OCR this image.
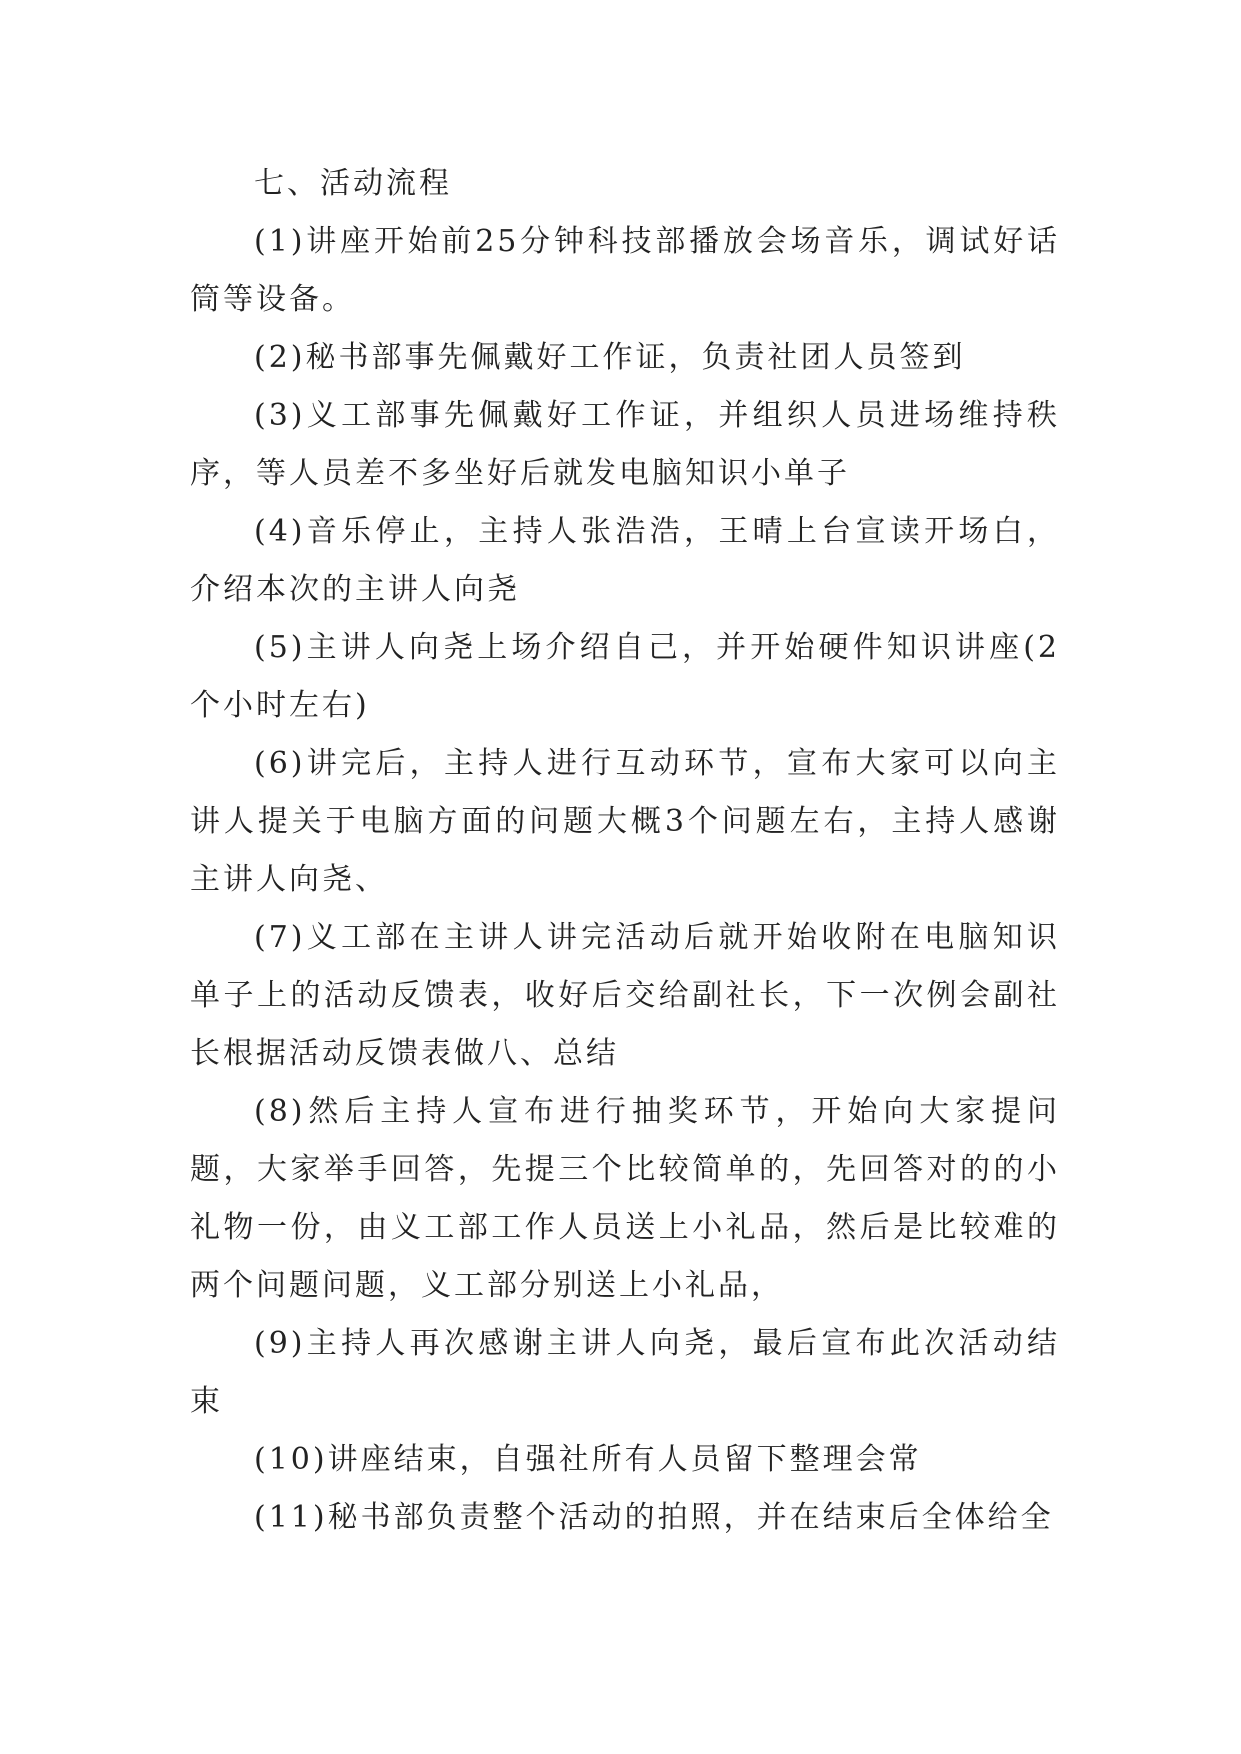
七、活动流程

(1)讲座开始前25分钟科技部播放会场音乐，调试好话筒等设备。

(2)秘书部事先佩戴好工作证，负责社团人员签到

(3)义工部事先佩戴好工作证，并组织人员进场维持秩序，等人员差不多坐好后就发电脑知识小单子

(4)音乐停止，主持人张浩浩，王晴上台宣读开场白，介绍本次的主讲人向尧

(5)主讲人向尧上场介绍自己，并开始硬件知识讲座(2个小时左右)

(6)讲完后，主持人进行互动环节，宣布大家可以向主讲人提关于电脑方面的问题大概3个问题左右，主持人感谢主讲人向尧、

(7)义工部在主讲人讲完活动后就开始收附在电脑知识单子上的活动反馈表，收好后交给副社长，下一次例会副社长根据活动反馈表做八、总结

(8)然后主持人宣布进行抽奖环节，开始向大家提问题，大家举手回答，先提三个比较简单的，先回答对的的小礼物一份，由义工部工作人员送上小礼品，然后是比较难的两个问题问题，义工部分别送上小礼品，

(9)主持人再次感谢主讲人向尧，最后宣布此次活动结束

(10)讲座结束，自强社所有人员留下整理会常

(11)秘书部负责整个活动的拍照，并在结束后全体给全
